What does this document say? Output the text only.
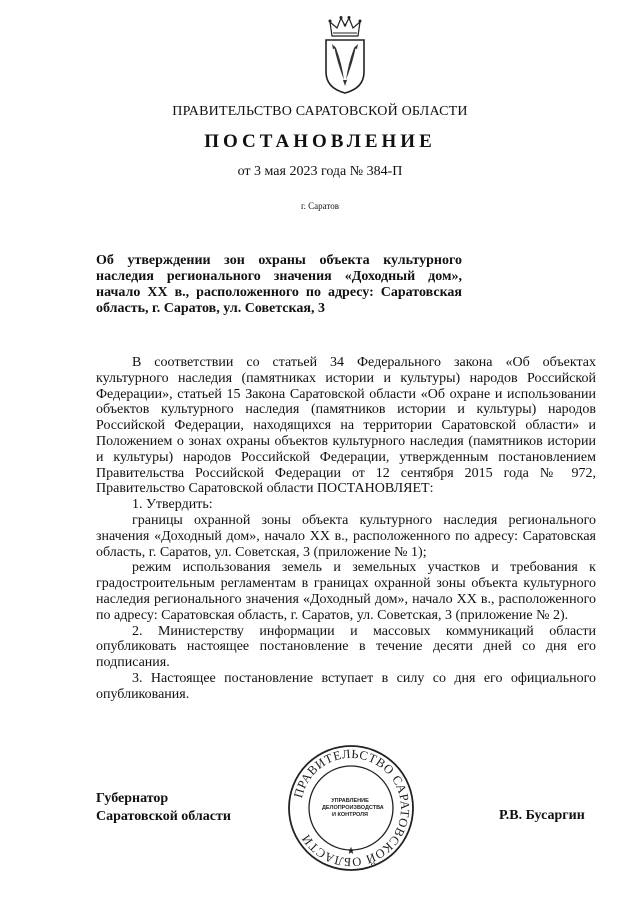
ПРАВИТЕЛЬСТВО САРАТОВСКОЙ ОБЛАСТИ
ПОСТАНОВЛЕНИЕ
от 3 мая 2023 года № 384-П
г. Саратов
Об утверждении зон охраны объекта культурного наследия регионального значения «Доходный дом», начало XX в., расположенного по адресу: Саратовская область, г. Саратов, ул. Советская, 3

В соответствии со статьей 34 Федерального закона «Об объектах культурного наследия (памятниках истории и культуры) народов Российской Федерации», статьей 15 Закона Саратовской области «Об охране и использовании объектов культурного наследия (памятников истории и культуры) народов Российской Федерации, находящихся на территории Саратовской области» и Положением о зонах охраны объектов культурного наследия (памятников истории и культуры) народов Российской Федерации, утвержденным постановлением Правительства Российской Федерации от 12 сентября 2015 года № 972, Правительство Саратовской области ПОСТАНОВЛЯЕТ:

1. Утвердить:

границы охранной зоны объекта культурного наследия регионального значения «Доходный дом», начало XX в., расположенного по адресу: Саратовская область, г. Саратов, ул. Советская, 3 (приложение № 1);

режим использования земель и земельных участков и требования к градостроительным регламентам в границах охранной зоны объекта культурного наследия регионального значения «Доходный дом», начало XX в., расположенного по адресу: Саратовская область, г. Саратов, ул. Советская, 3 (приложение № 2).

2. Министерству информации и массовых коммуникаций области опубликовать настоящее постановление в течение десяти дней со дня его подписания.

3. Настоящее постановление вступает в силу со дня его официального опубликования.

Губернатор
Саратовской области	Р.В. Бусаргин
ПРАВИТЕЛЬСТВО САРАТОВСКОЙ ОБЛАСТИ
★
УПРАВЛЕНИЕ
ДЕЛОПРОИЗВОДСТВА
И КОНТРОЛЯ
